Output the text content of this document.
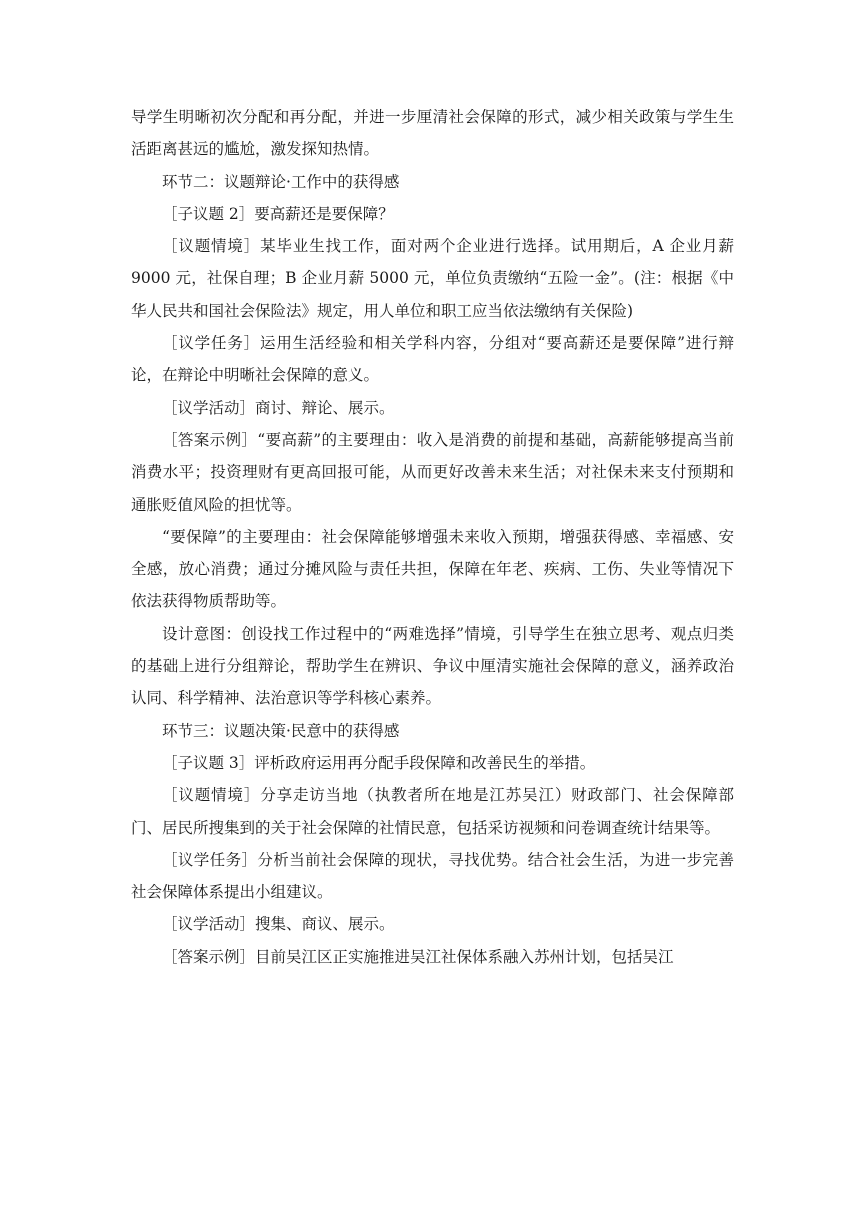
导学生明晰初次分配和再分配，并进一步厘清社会保障的形式，减少相关政策与学生生活距离甚远的尴尬，激发探知热情。

环节二：议题辩论·工作中的获得感

［子议题 2］要高薪还是要保障？

［议题情境］某毕业生找工作，面对两个企业进行选择。试用期后，A 企业月薪 9000 元，社保自理；B 企业月薪 5000 元，单位负责缴纳“五险一金”。(注：根据《中华人民共和国社会保险法》规定，用人单位和职工应当依法缴纳有关保险)

［议学任务］运用生活经验和相关学科内容，分组对“要高薪还是要保障”进行辩论，在辩论中明晰社会保障的意义。

［议学活动］商讨、辩论、展示。

［答案示例］“要高薪”的主要理由：收入是消费的前提和基础，高薪能够提高当前消费水平；投资理财有更高回报可能，从而更好改善未来生活；对社保未来支付预期和通胀贬值风险的担忧等。

“要保障”的主要理由：社会保障能够增强未来收入预期，增强获得感、幸福感、安全感，放心消费；通过分摊风险与责任共担，保障在年老、疾病、工伤、失业等情况下依法获得物质帮助等。

设计意图：创设找工作过程中的“两难选择”情境，引导学生在独立思考、观点归类的基础上进行分组辩论，帮助学生在辨识、争议中厘清实施社会保障的意义，涵养政治认同、科学精神、法治意识等学科核心素养。

环节三：议题决策·民意中的获得感

［子议题 3］评析政府运用再分配手段保障和改善民生的举措。

［议题情境］分享走访当地（执教者所在地是江苏吴江）财政部门、社会保障部门、居民所搜集到的关于社会保障的社情民意，包括采访视频和问卷调查统计结果等。

［议学任务］分析当前社会保障的现状，寻找优势。结合社会生活，为进一步完善社会保障体系提出小组建议。

［议学活动］搜集、商议、展示。

［答案示例］目前吴江区正实施推进吴江社保体系融入苏州计划，包括吴江
